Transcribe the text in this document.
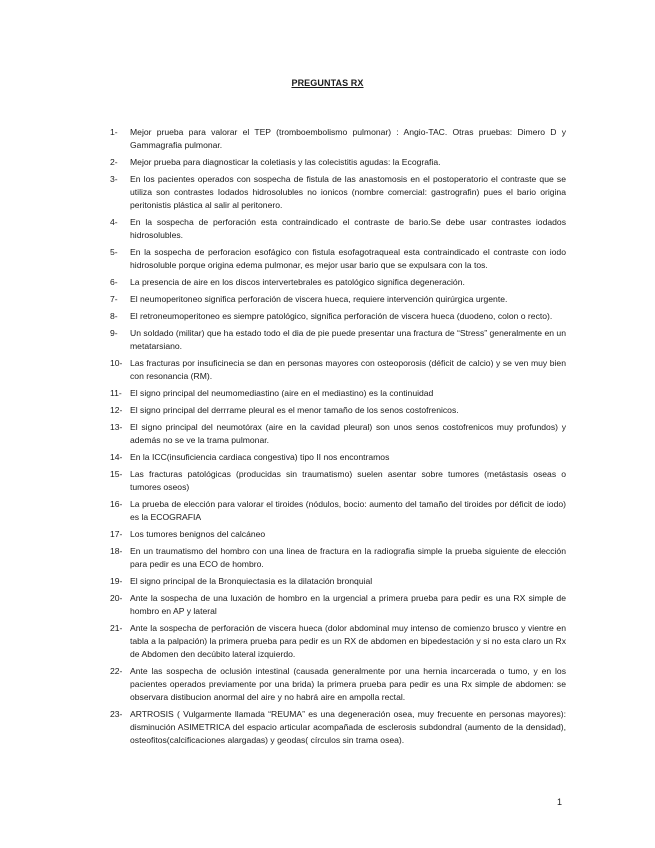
PREGUNTAS RX
1-	Mejor prueba para valorar el TEP (tromboembolismo pulmonar) : Angio-TAC. Otras pruebas: Dimero D y Gammagrafia pulmonar.
2-	Mejor prueba para diagnosticar la coletiasis y las colecistitis agudas: la Ecografia.
3-	En los pacientes operados con sospecha de fistula de las anastomosis en el postoperatorio el contraste que se utiliza son contrastes Iodados hidrosolubles no ionicos (nombre comercial: gastrografin) pues el bario origina peritonistis plástica al salir al peritonero.
4-	En la sospecha de perforación esta contraindicado el contraste de bario.Se debe usar contrastes iodados hidrosolubles.
5-	En la sospecha de perforacion esofágico con fistula esofagotraqueal esta contraindicado el contraste con iodo hidrosoluble porque origina edema pulmonar, es mejor usar bario que se expulsara con la tos.
6-	La presencia de aire en los discos intervertebrales es patológico significa degeneración.
7-	El neumoperitoneo significa perforación de viscera hueca, requiere intervención quirúrgica urgente.
8-	El retroneumoperitoneo es siempre patológico, significa perforación de viscera hueca (duodeno, colon o recto).
9-	Un soldado (militar) que ha estado todo el dia de pie puede presentar una fractura de “Stress” generalmente en un metatarsiano.
10- Las fracturas por insuficinecia se dan en personas mayores con osteoporosis (déficit de calcio) y se ven muy bien con resonancia (RM).
11- El signo principal del neumomediastino (aire en el mediastino) es la continuidad
12- El signo principal del derrrame pleural es el menor tamaño de los senos costofrenicos.
13- El signo principal del neumotórax (aire en la cavidad pleural) son unos senos costofrenicos muy profundos) y además no se ve la trama pulmonar.
14- En la ICC(insuficiencia cardiaca congestiva) tipo II nos encontramos
15- Las fracturas patológicas (producidas sin traumatismo) suelen asentar sobre tumores (metástasis oseas o tumores oseos)
16- La prueba de elección para valorar el tiroides (nódulos, bocio: aumento del tamaño del tiroides por déficit de iodo) es la ECOGRAFIA
17- Los tumores benignos del calcáneo
18- En un traumatismo del hombro con una linea de fractura en la radiografia simple la prueba siguiente de elección para pedir es una ECO de hombro.
19- El signo principal de la Bronquiectasia es la dilatación bronquial
20- Ante la sospecha de una luxación de hombro en la urgencial a primera prueba para pedir es una RX simple de hombro en AP y lateral
21- Ante la sospecha de perforación de viscera hueca (dolor abdominal muy intenso de comienzo brusco y vientre en tabla a la palpación) la primera prueba para pedir es un RX de abdomen en bipedestación y si no esta claro un Rx de Abdomen den decúbito lateral izquierdo.
22- Ante las sospecha de oclusión intestinal (causada generalmente por una hernia incarcerada o tumo, y en los pacientes operados previamente por una brida) la primera prueba para pedir es una Rx simple de abdomen: se observara distibucion anormal del aire y no habrá aire en ampolla rectal.
23- ARTROSIS ( Vulgarmente llamada “REUMA” es una degeneración osea, muy frecuente en personas mayores): disminución ASIMETRICA del espacio articular acompañada de esclerosis subdondral (aumento de la densidad), osteofitos(calcificaciones alargadas) y geodas( círculos sin trama osea).
1
